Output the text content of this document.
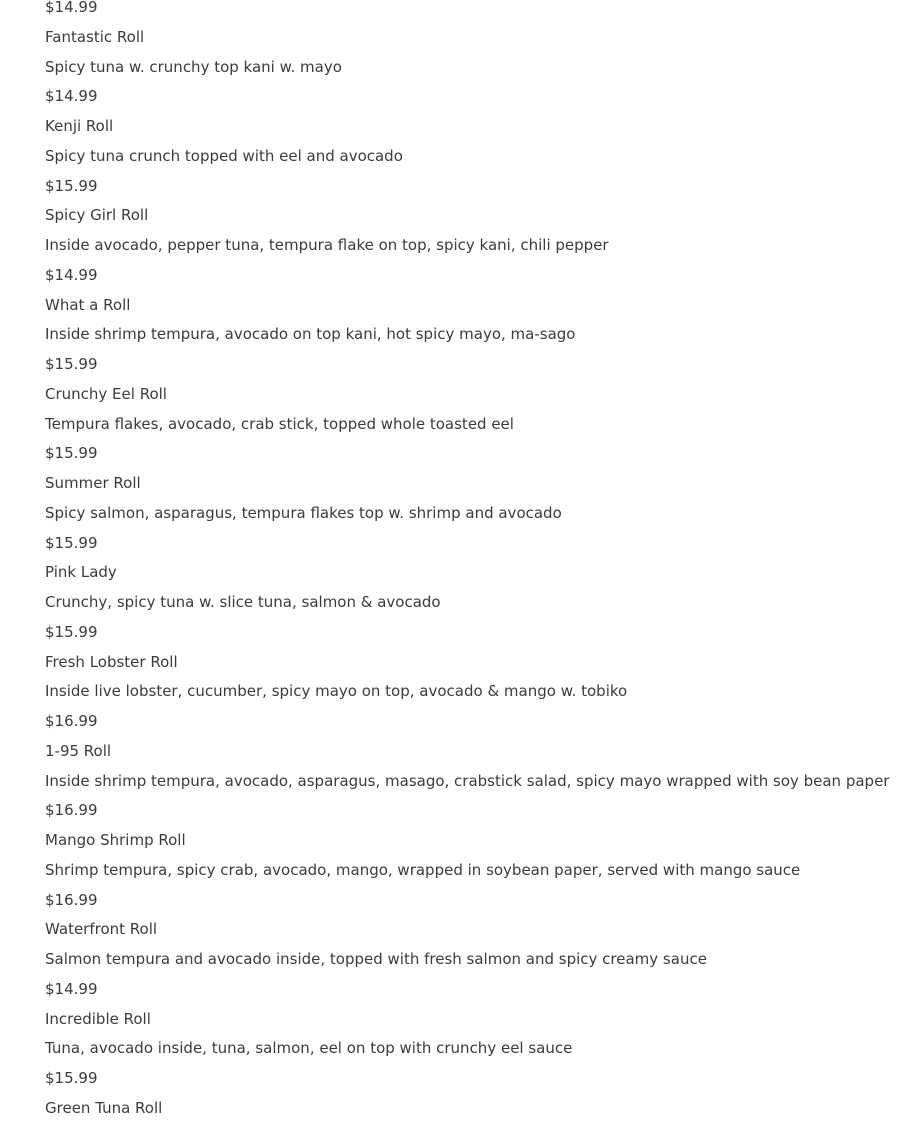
$14.99
Fantastic Roll
Spicy tuna w. crunchy top kani w. mayo
$14.99
Kenji Roll
Spicy tuna crunch topped with eel and avocado
$15.99
Spicy Girl Roll
Inside avocado, pepper tuna, tempura flake on top, spicy kani, chili pepper
$14.99
What a Roll
Inside shrimp tempura, avocado on top kani, hot spicy mayo, ma-sago
$15.99
Crunchy Eel Roll
Tempura flakes, avocado, crab stick, topped whole toasted eel
$15.99
Summer Roll
Spicy salmon, asparagus, tempura flakes top w. shrimp and avocado
$15.99
Pink Lady
Crunchy, spicy tuna w. slice tuna, salmon & avocado
$15.99
Fresh Lobster Roll
Inside live lobster, cucumber, spicy mayo on top, avocado & mango w. tobiko
$16.99
1-95 Roll
Inside shrimp tempura, avocado, asparagus, masago, crabstick salad, spicy mayo wrapped with soy bean paper
$16.99
Mango Shrimp Roll
Shrimp tempura, spicy crab, avocado, mango, wrapped in soybean paper, served with mango sauce
$16.99
Waterfront Roll
Salmon tempura and avocado inside, topped with fresh salmon and spicy creamy sauce
$14.99
Incredible Roll
Tuna, avocado inside, tuna, salmon, eel on top with crunchy eel sauce
$15.99
Green Tuna Roll
